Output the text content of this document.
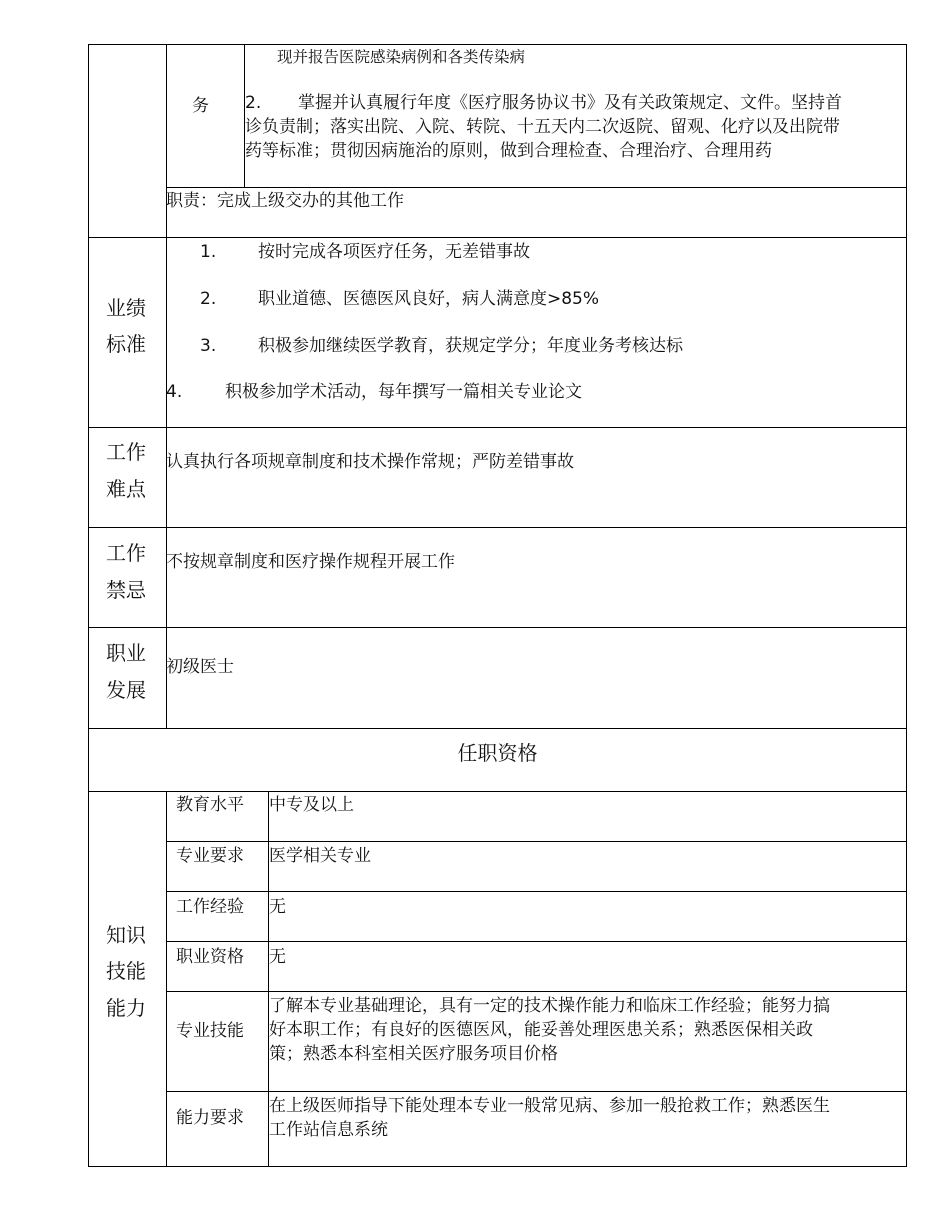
现并报告医院感染病例和各类传染病
务 2. 掌握并认真履行年度《医疗服务协议书》及有关政策规定、文件。坚持首
诊负责制；落实出院、入院、转院、十五天内二次返院、留观、化疗以及出院带
药等标准；贯彻因病施治的原则，做到合理检查、合理治疗、合理用药
职责：完成上级交办的其他工作
业绩
标准
1. 按时完成各项医疗任务，无差错事故
2. 职业道德、医德医风良好，病人满意度>85%
3. 积极参加继续医学教育，获规定学分；年度业务考核达标
4.	积极参加学术活动，每年撰写一篇相关专业论文
工作
难点
认真执行各项规章制度和技术操作常规；严防差错事故
工作
禁忌
不按规章制度和医疗操作规程开展工作
职业
发展
初级医士
任职资格
知识
技能
能力
教育水平 中专及以上
专业要求 医学相关专业
工作经验 无
职业资格 无
专业技能
了解本专业基础理论，具有一定的技术操作能力和临床工作经验；能努力搞
好本职工作；有良好的医德医风，能妥善处理医患关系；熟悉医保相关政
策；熟悉本科室相关医疗服务项目价格
能力要求
在上级医师指导下能处理本专业一般常见病、参加一般抢救工作；熟悉医生
工作站信息系统
